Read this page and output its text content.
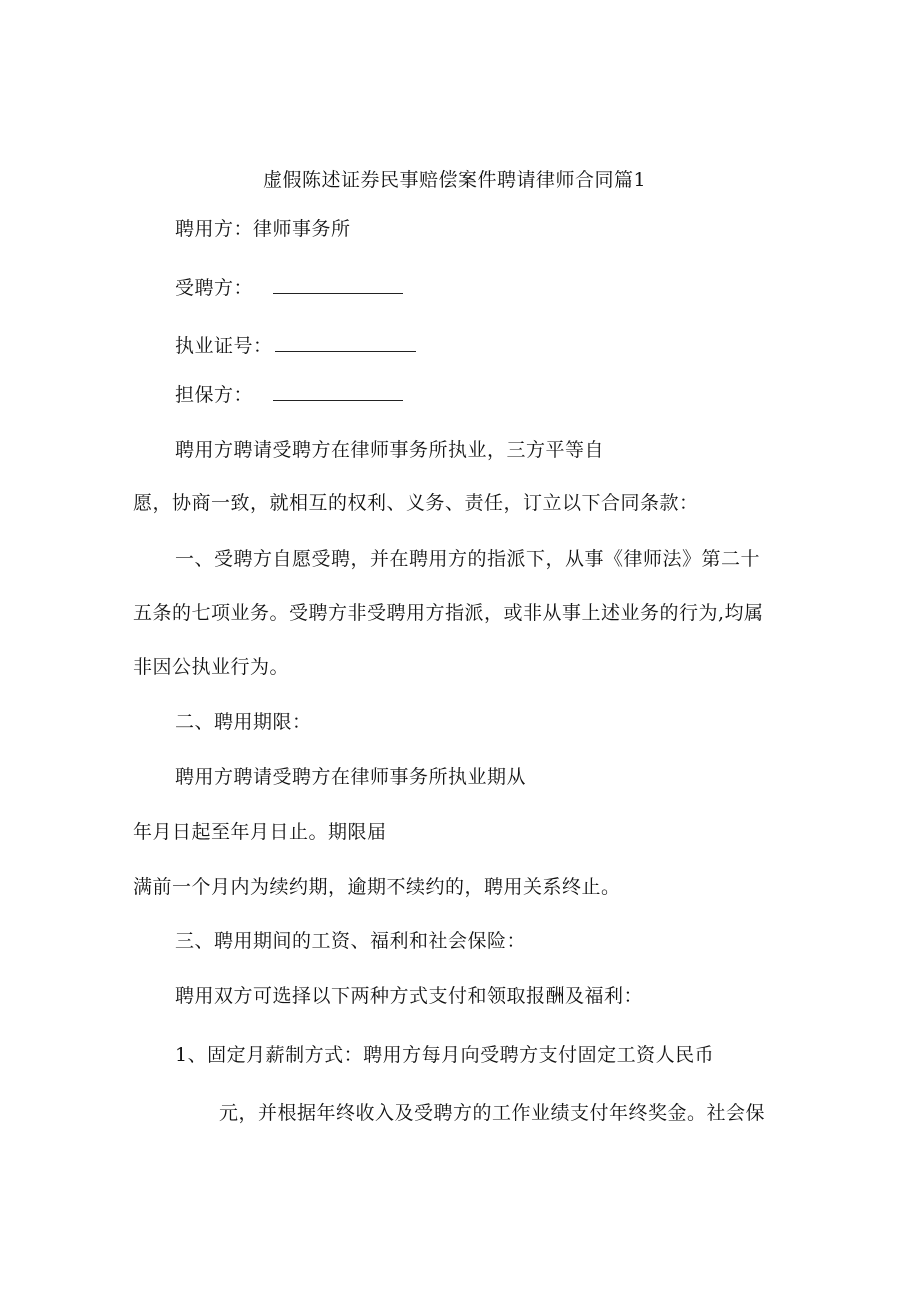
虚假陈述证券民事赔偿案件聘请律师合同篇1
聘用方：律师事务所
受聘方：
执业证号：
担保方：
聘用方聘请受聘方在律师事务所执业，三方平等自
愿，协商一致，就相互的权利、义务、责任，订立以下合同条款：
一、受聘方自愿受聘，并在聘用方的指派下，从事《律师法》第二十
五条的七项业务。受聘方非受聘用方指派，或非从事上述业务的行为,均属
非因公执业行为。
二、聘用期限：
聘用方聘请受聘方在律师事务所执业期从
年月日起至年月日止。期限届
满前一个月内为续约期，逾期不续约的，聘用关系终止。
三、聘用期间的工资、福利和社会保险：
聘用双方可选择以下两种方式支付和领取报酬及福利：
1、固定月薪制方式：聘用方每月向受聘方支付固定工资人民币
元，并根据年终收入及受聘方的工作业绩支付年终奖金。社会保
